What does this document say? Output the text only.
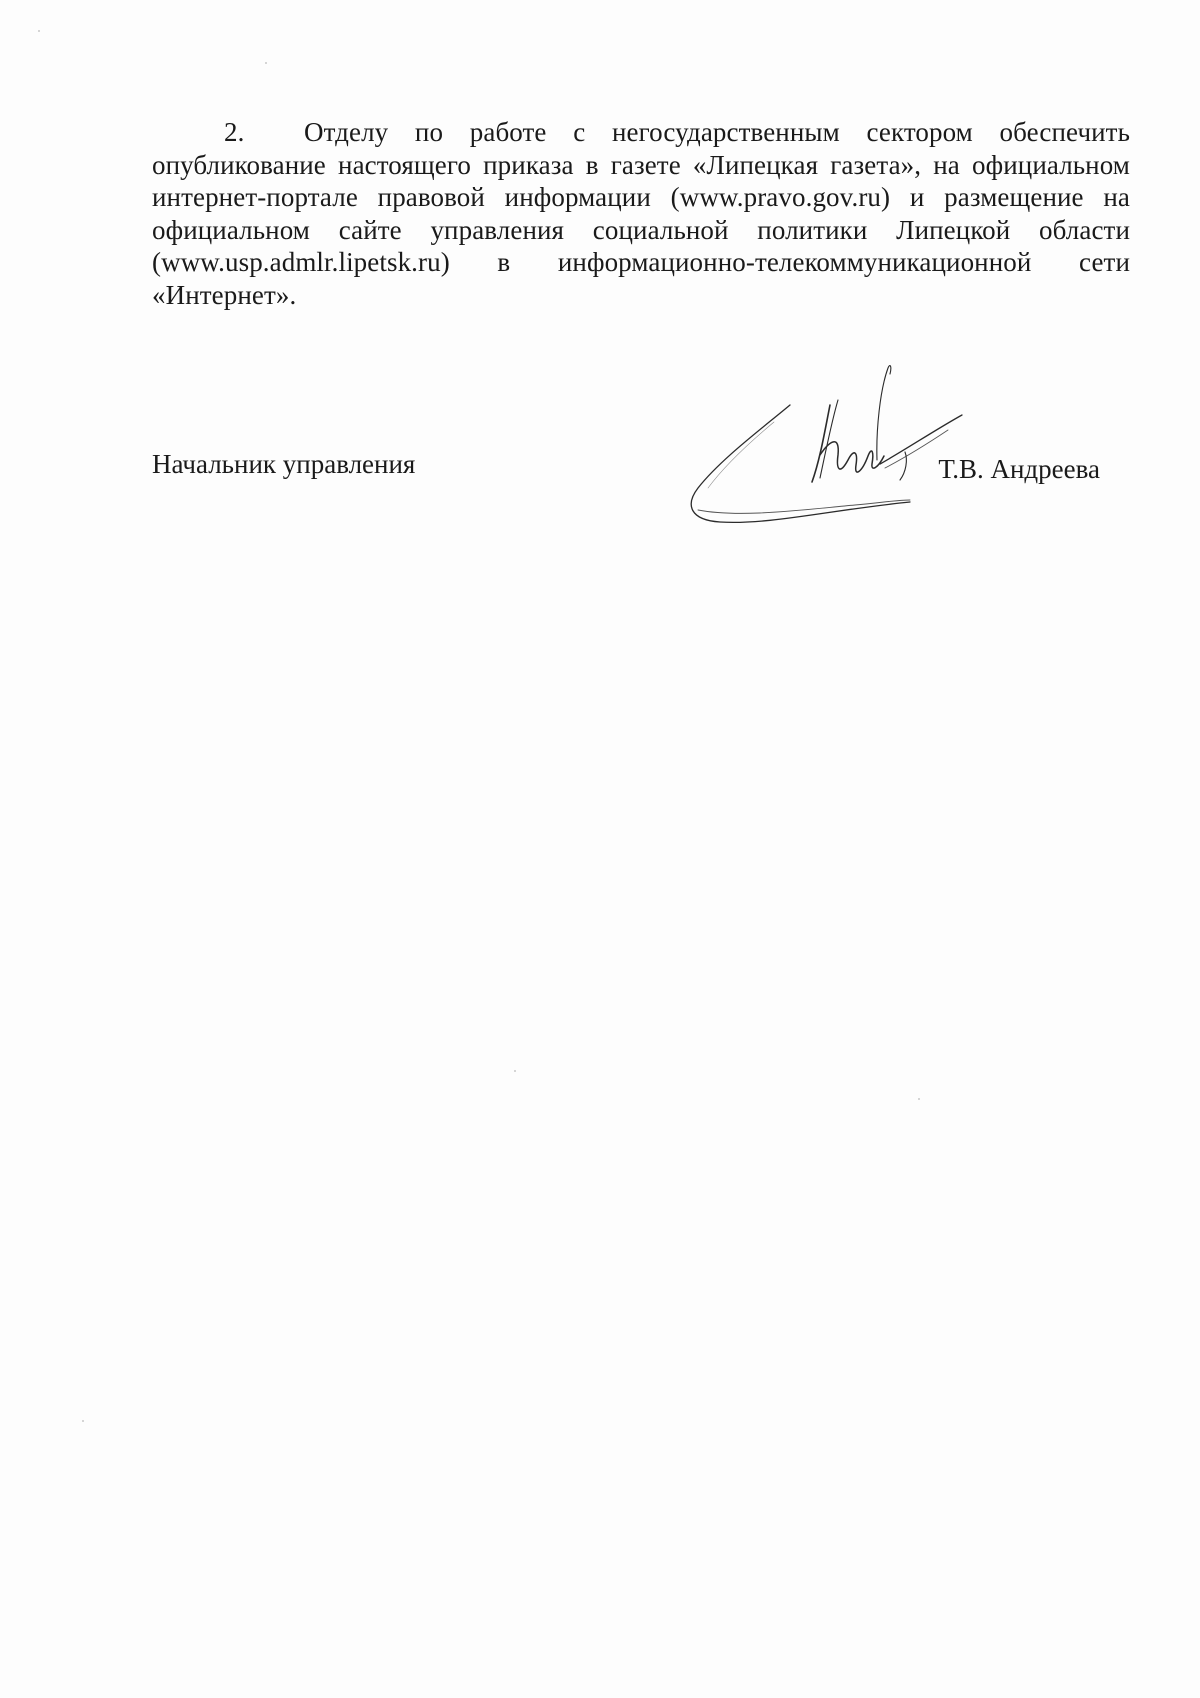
2. Отделу по работе с негосударственным сектором обеспечить опубликование настоящего приказа в газете «Липецкая газета», на официальном интернет-портале правовой информации (www.pravo.gov.ru) и размещение на официальном сайте управления социальной политики Липецкой области (www.usp.admlr.lipetsk.ru) в информационно-телекоммуникационной сети «Интернет».

Начальник управления	Т.В. Андреева
